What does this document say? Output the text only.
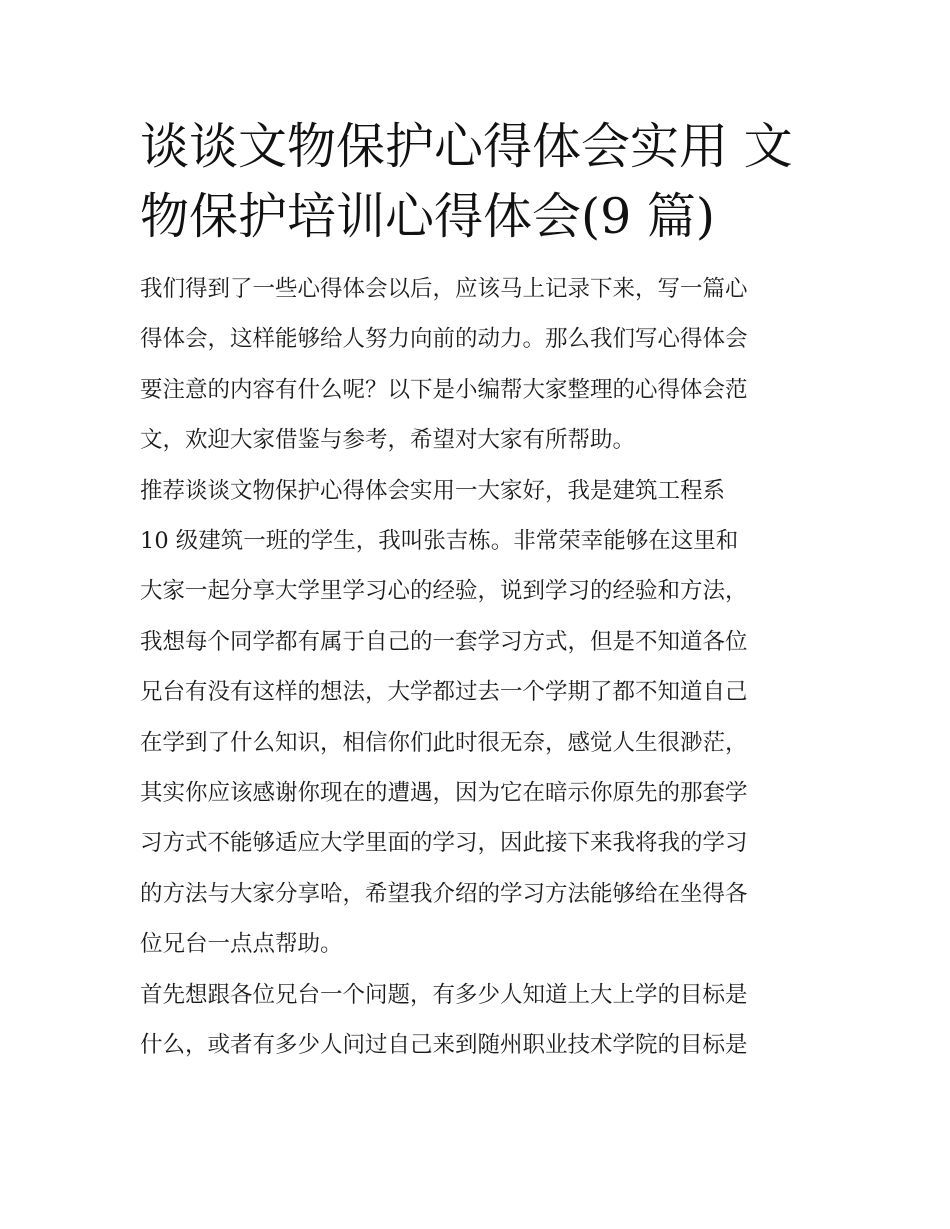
谈谈文物保护心得体会实用 文
物保护培训心得体会(9 篇)

我们得到了一些心得体会以后，应该马上记录下来，写一篇心
得体会，这样能够给人努力向前的动力。那么我们写心得体会
要注意的内容有什么呢？以下是小编帮大家整理的心得体会范
文，欢迎大家借鉴与参考，希望对大家有所帮助。

推荐谈谈文物保护心得体会实用一大家好，我是建筑工程系
10 级建筑一班的学生，我叫张吉栋。非常荣幸能够在这里和
大家一起分享大学里学习心的经验，说到学习的经验和方法，
我想每个同学都有属于自己的一套学习方式，但是不知道各位
兄台有没有这样的想法，大学都过去一个学期了都不知道自己
在学到了什么知识，相信你们此时很无奈，感觉人生很渺茫，
其实你应该感谢你现在的遭遇，因为它在暗示你原先的那套学
习方式不能够适应大学里面的学习，因此接下来我将我的学习
的方法与大家分享哈，希望我介绍的学习方法能够给在坐得各
位兄台一点点帮助。

首先想跟各位兄台一个问题，有多少人知道上大上学的目标是
什么，或者有多少人问过自己来到随州职业技术学院的目标是
